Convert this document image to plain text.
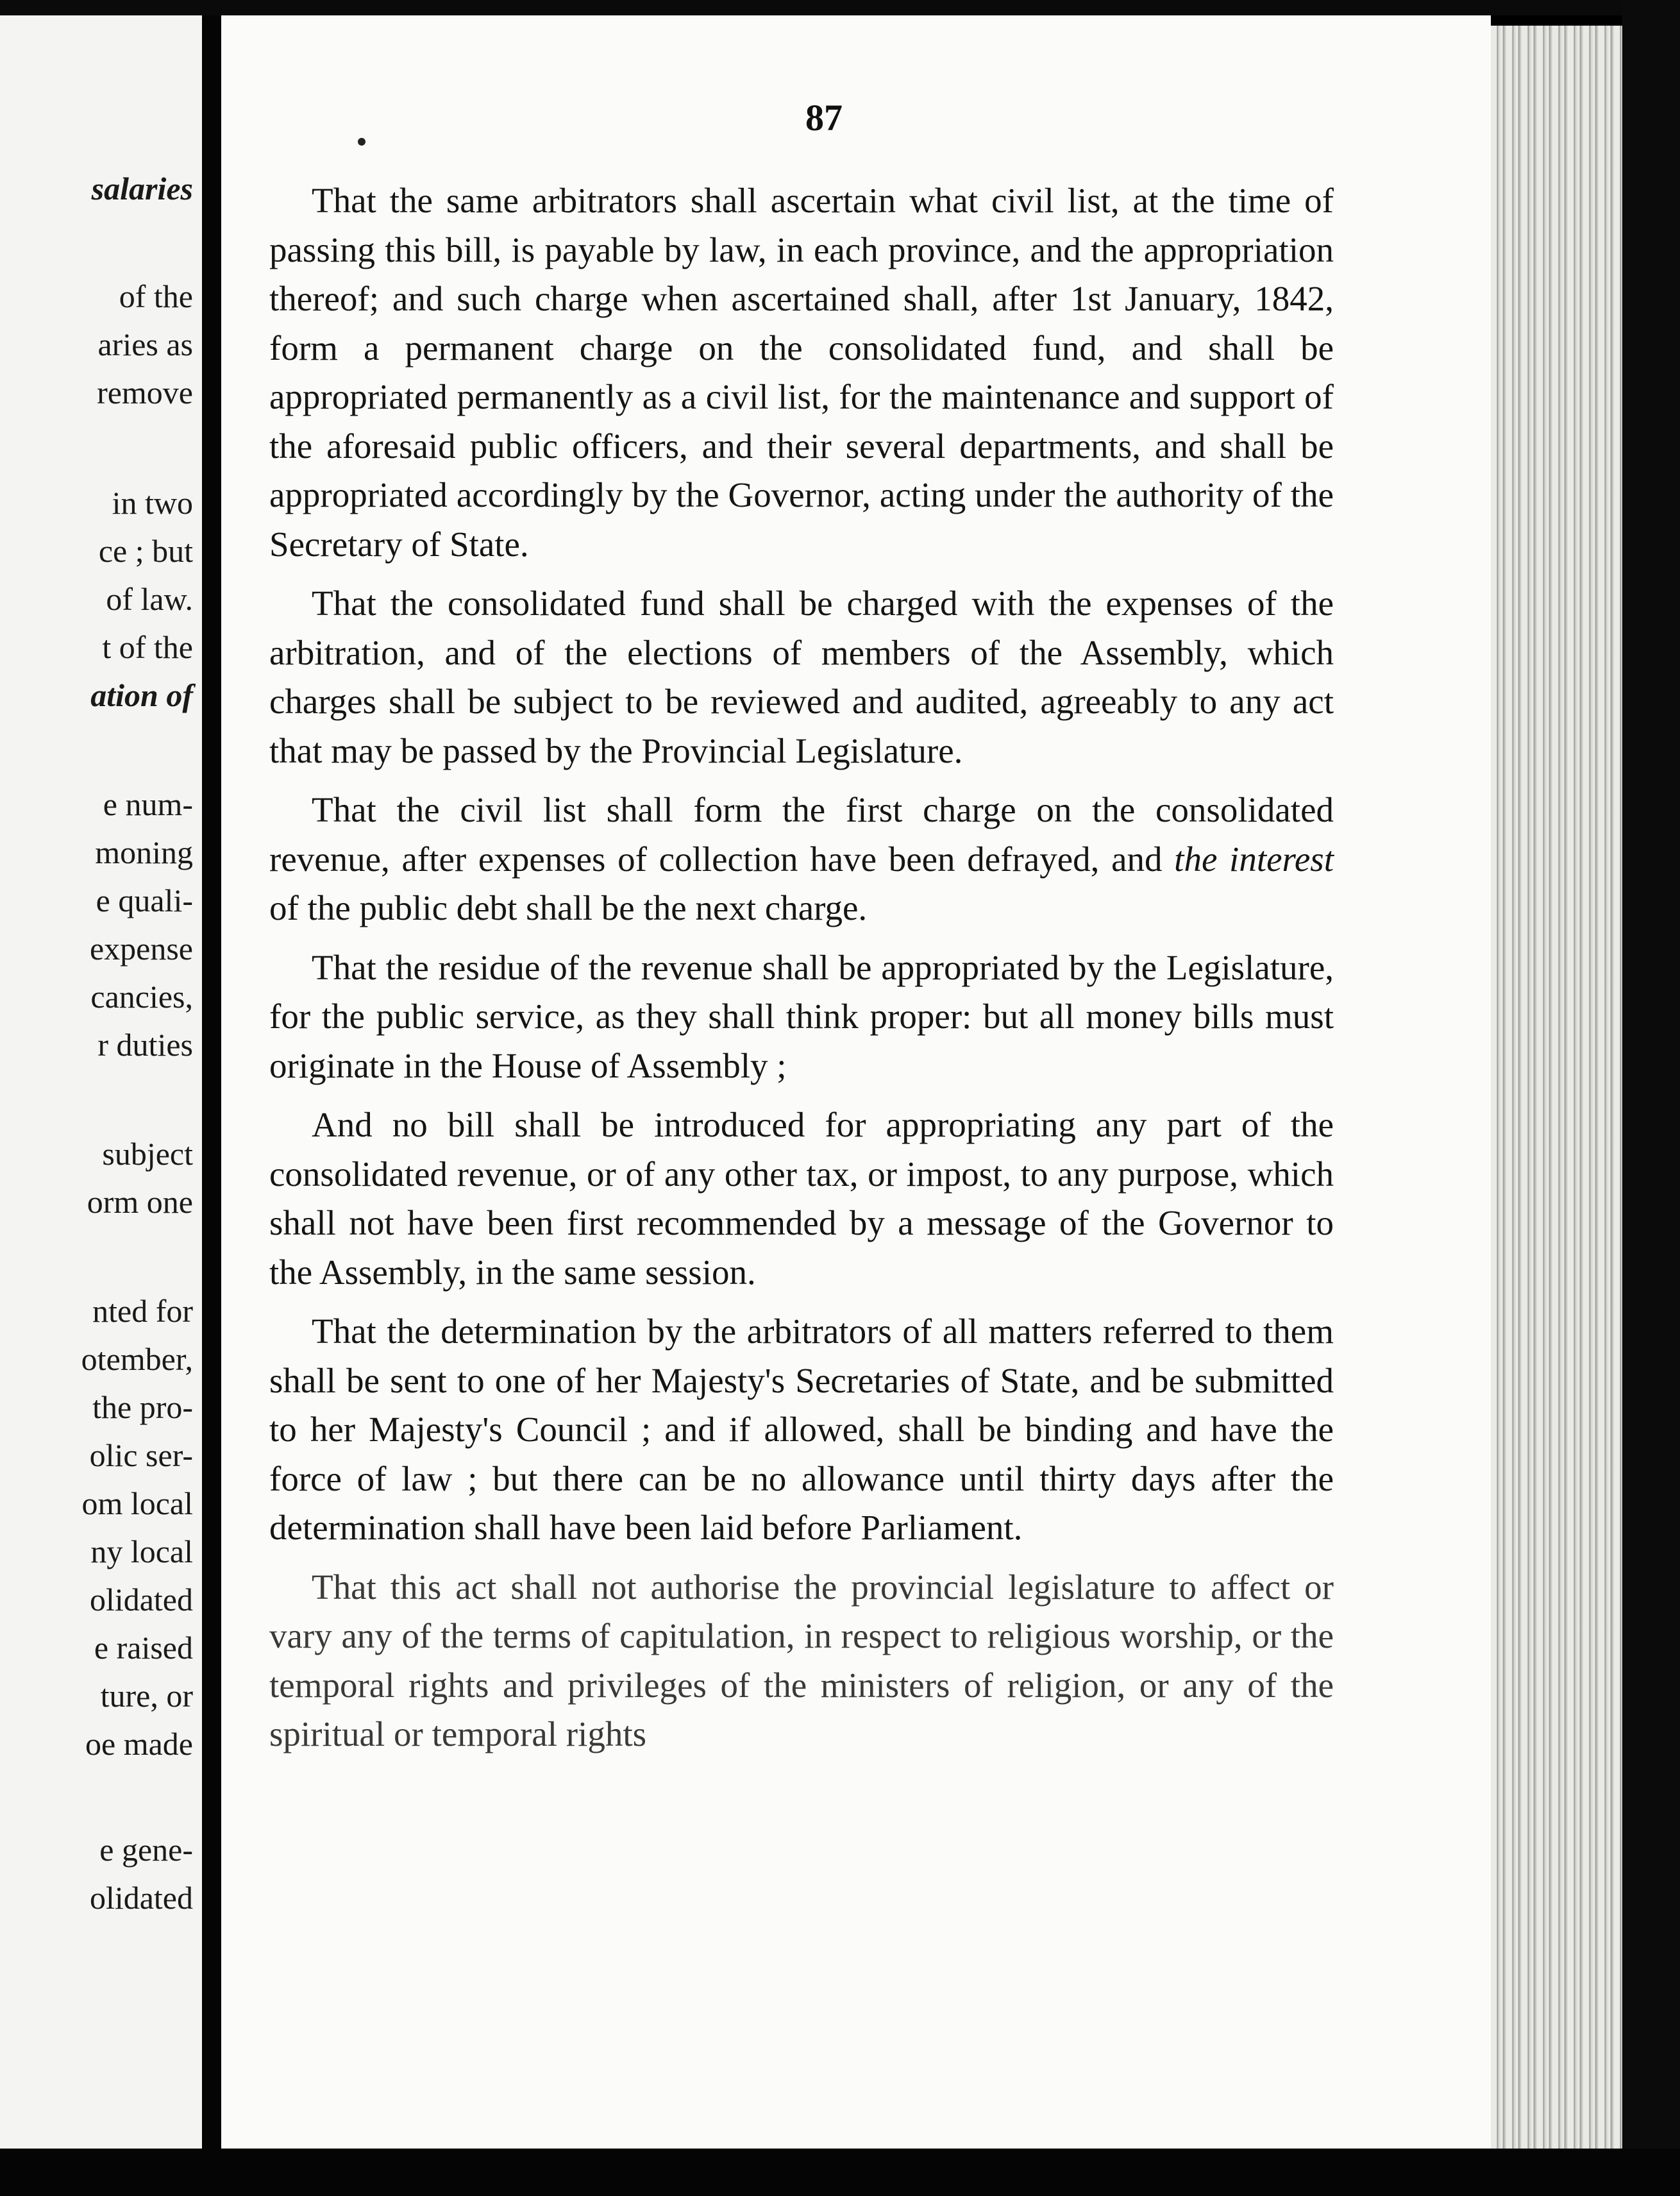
salaries
of the
aries as
remove
in two
ce ; but
of law.
t of the
ation of
e num-
moning
e quali-
expense
cancies,
r duties
subject
orm one
nted for
otember,
the pro-
olic ser-
om local
ny local
olidated
e raised
ture, or
oe made
e gene-
olidated
87

That the same arbitrators shall ascertain what civil list, at the time of passing this bill, is payable by law, in each province, and the appropriation thereof; and such charge when ascertained shall, after 1st January, 1842, form a permanent charge on the consolidated fund, and shall be appropriated permanently as a civil list, for the maintenance and support of the aforesaid public officers, and their several departments, and shall be appropriated accordingly by the Governor, acting under the authority of the Secretary of State.

That the consolidated fund shall be charged with the expenses of the arbitration, and of the elections of members of the Assembly, which charges shall be subject to be reviewed and audited, agreeably to any act that may be passed by the Provincial Legislature.

That the civil list shall form the first charge on the consolidated revenue, after expenses of collection have been defrayed, and the interest of the public debt shall be the next charge.

That the residue of the revenue shall be appropriated by the Legislature, for the public service, as they shall think proper: but all money bills must originate in the House of Assembly ;

And no bill shall be introduced for appropriating any part of the consolidated revenue, or of any other tax, or impost, to any purpose, which shall not have been first recommended by a message of the Governor to the Assembly, in the same session.

That the determination by the arbitrators of all matters referred to them shall be sent to one of her Majesty's Secretaries of State, and be submitted to her Majesty's Council ; and if allowed, shall be binding and have the force of law ; but there can be no allowance until thirty days after the determination shall have been laid before Parliament.

That this act shall not authorise the provincial legislature to affect or vary any of the terms of capitulation, in respect to religious worship, or the temporal rights and privileges of the ministers of religion, or any of the spiritual or temporal rights
